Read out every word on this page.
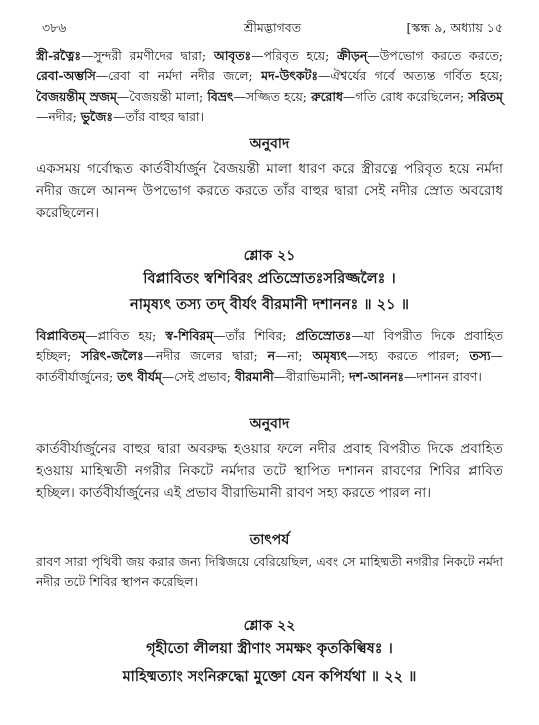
৩৮৬	শ্রীমদ্ভাগবত	[স্কন্ধ ৯, অধ্যায় ১৫
স্ত্রী-রত্নৈঃ—সুন্দরী রমণীদের দ্বারা; আবৃতঃ—পরিবৃত হয়ে; ক্রীড়ন্—উপভোগ করতে করতে; রেবা-অম্ভসি—রেবা বা নর্মদা নদীর জলে; মদ-উৎকটঃ—ঐশ্বর্যের গর্বে অত্যন্ত গর্বিত হয়ে; বৈজয়ন্তীম্ স্রজম্—বৈজয়ন্তী মালা; বিভ্রৎ—সজ্জিত হয়ে; রুরোধ—গতি রোধ করেছিলেন; সরিতম্—নদীর; ভুজৈঃ—তাঁর বাহুর দ্বারা।
অনুবাদ
একসময় গর্বোদ্ধত কার্তবীর্যার্জুন বৈজয়ন্তী মালা ধারণ করে স্ত্রীরত্নে পরিবৃত হয়ে নর্মদা নদীর জলে আনন্দ উপভোগ করতে করতে তাঁর বাহুর দ্বারা সেই নদীর স্রোত অবরোধ করেছিলেন।
শ্লোক ২১
বিপ্লাবিতং স্বশিবিরং প্রতিস্রোতঃসরিজ্জলৈঃ ।
নামৃষ্যৎ তস্য তদ্ বীর্যং বীরমানী দশাননঃ ॥ ২১ ॥
বিপ্লাবিতম্—প্লাবিত হয়; স্ব-শিবিরম্—তাঁর শিবির; প্রতিস্রোতঃ—যা বিপরীত দিকে প্রবাহিত হচ্ছিল; সরিৎ-জলৈঃ—নদীর জলের দ্বারা; ন—না; অমৃষ্যৎ—সহ্য করতে পারল; তস্য—কার্তবীর্যার্জুনের; তৎ বীর্যম্—সেই প্রভাব; বীরমানী—বীরাভিমানী; দশ-আননঃ—দশানন রাবণ।
অনুবাদ
কার্তবীর্যার্জুনের বাহুর দ্বারা অবরুদ্ধ হওয়ার ফলে নদীর প্রবাহ বিপরীত দিকে প্রবাহিত হওয়ায় মাহিষ্মতী নগরীর নিকটে নর্মদার তটে স্থাপিত দশানন রাবণের শিবির প্লাবিত হচ্ছিল। কার্তবীর্যার্জুনের এই প্রভাব বীরাভিমানী রাবণ সহ্য করতে পারল না।
তাৎপর্য
রাবণ সারা পৃথিবী জয় করার জন্য দিগ্বিজয়ে বেরিয়েছিল, এবং সে মাহিষ্মতী নগরীর নিকটে নর্মদা নদীর তটে শিবির স্থাপন করেছিল।
শ্লোক ২২
গৃহীতো লীলয়া স্ত্রীণাং সমক্ষং কৃতকিল্বিষঃ ।
মাহিষ্মত্যাং সংনিরুদ্ধো মুক্তো যেন কপির্যথা ॥ ২২ ॥
